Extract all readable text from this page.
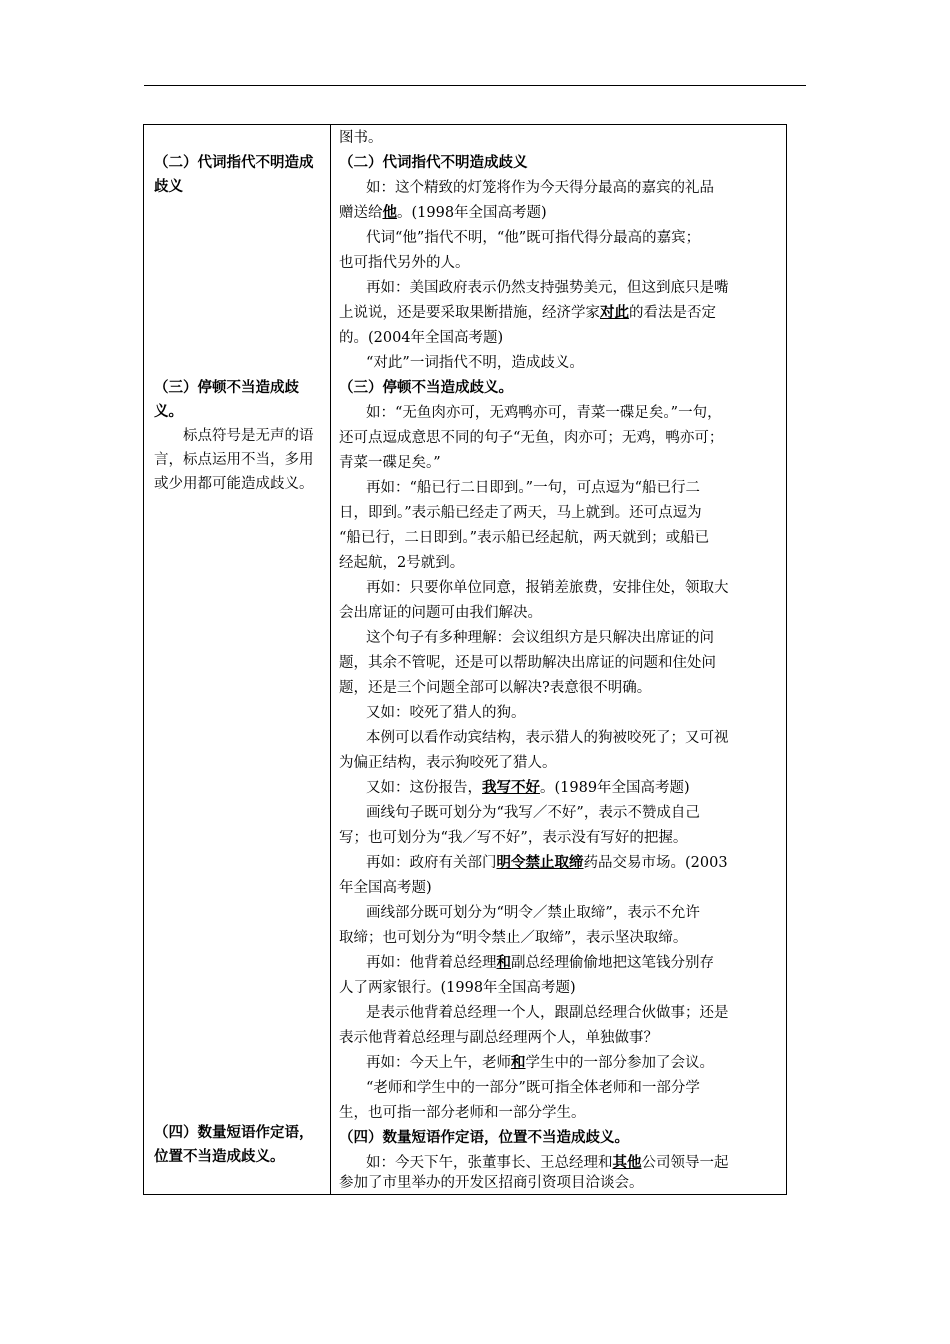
（二）代词指代不明造成歧义
（三）停顿不当造成歧义。
标点符号是无声的语言，标点运用不当，多用或少用都可能造成歧义。
（四）数量短语作定语，位置不当造成歧义。
图书。
（二）代词指代不明造成歧义
如：这个精致的灯笼将作为今天得分最高的嘉宾的礼品
赠送给他。(1998年全国高考题)
代词“他”指代不明，“他”既可指代得分最高的嘉宾；
也可指代另外的人。
再如：美国政府表示仍然支持强势美元，但这到底只是嘴
上说说，还是要采取果断措施，经济学家对此的看法是否定
的。(2004年全国高考题)
“对此”一词指代不明，造成歧义。
（三）停顿不当造成歧义。
如：“无鱼肉亦可，无鸡鸭亦可，青菜一碟足矣。”一句，
还可点逗成意思不同的句子“无鱼，肉亦可；无鸡，鸭亦可；
青菜一碟足矣。”
再如：“船已行二日即到。”一句，可点逗为“船已行二
日，即到。”表示船已经走了两天，马上就到。还可点逗为
“船已行，二日即到。”表示船已经起航，两天就到；或船已
经起航，2号就到。
再如：只要你单位同意，报销差旅费，安排住处，领取大
会出席证的问题可由我们解决。
这个句子有多种理解：会议组织方是只解决出席证的问
题，其余不管呢，还是可以帮助解决出席证的问题和住处问
题，还是三个问题全部可以解决?表意很不明确。
又如：咬死了猎人的狗。
本例可以看作动宾结构，表示猎人的狗被咬死了；又可视
为偏正结构，表示狗咬死了猎人。
又如：这份报告，我写不好。(1989年全国高考题)
画线句子既可划分为“我写／不好”，表示不赞成自己
写；也可划分为“我／写不好”，表示没有写好的把握。
再如：政府有关部门明令禁止取缔药品交易市场。(2003
年全国高考题)
画线部分既可划分为“明令／禁止取缔”，表示不允许
取缔；也可划分为“明令禁止／取缔”，表示坚决取缔。
再如：他背着总经理和副总经理偷偷地把这笔钱分别存
人了两家银行。(1998年全国高考题)
是表示他背着总经理一个人，跟副总经理合伙做事；还是
表示他背着总经理与副总经理两个人，单独做事？
再如：今天上午，老师和学生中的一部分参加了会议。
“老师和学生中的一部分”既可指全体老师和一部分学
生，也可指一部分老师和一部分学生。
（四）数量短语作定语，位置不当造成歧义。
如：今天下午，张董事长、王总经理和其他公司领导一起
参加了市里举办的开发区招商引资项目洽谈会。
